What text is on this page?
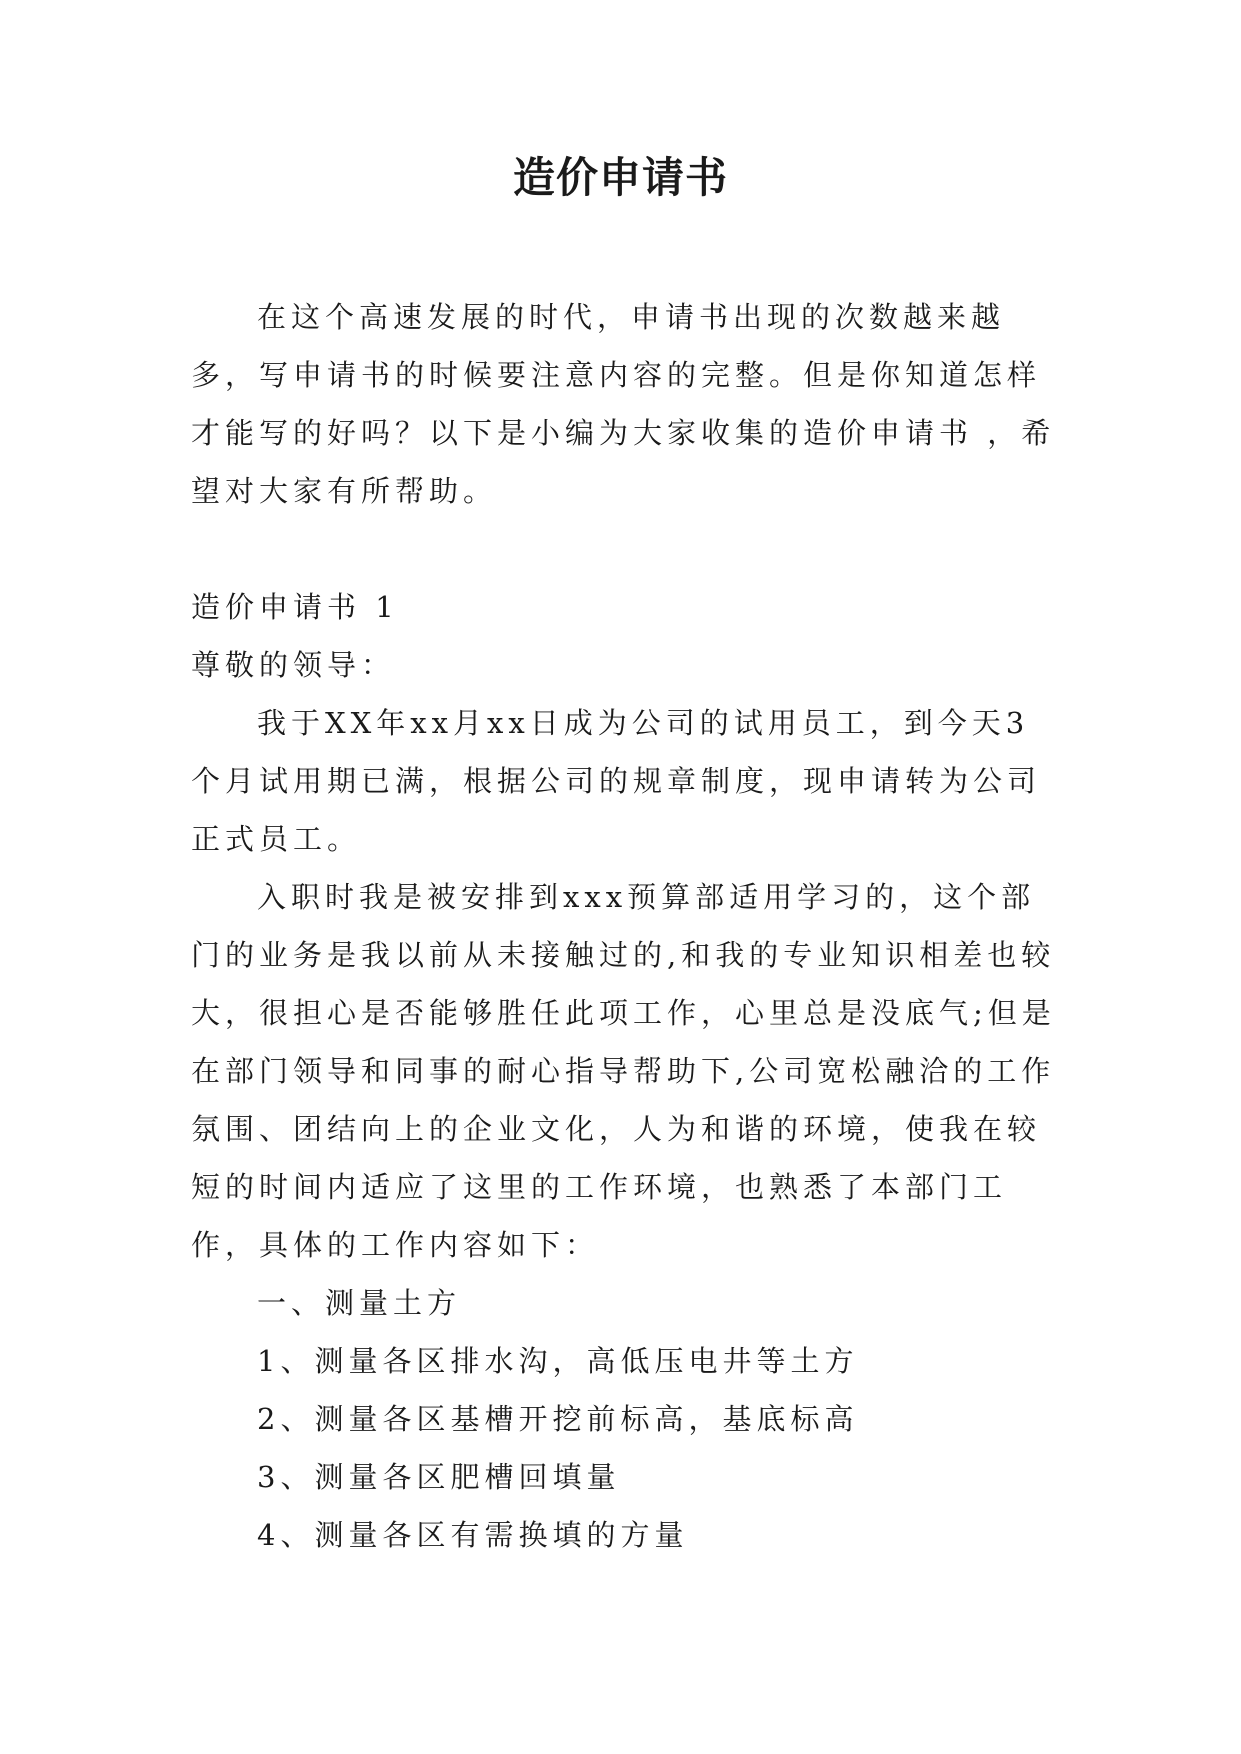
造价申请书

在这个高速发展的时代，申请书出现的次数越来越多，写申请书的时候要注意内容的完整。但是你知道怎样才能写的好吗？以下是小编为大家收集的造价申请书 ，希望对大家有所帮助。

造价申请书 1

尊敬的领导：

我于XX年xx月xx日成为公司的试用员工，到今天3个月试用期已满，根据公司的规章制度，现申请转为公司正式员工。

入职时我是被安排到xxx预算部适用学习的，这个部门的业务是我以前从未接触过的,和我的专业知识相差也较大，很担心是否能够胜任此项工作，心里总是没底气;但是在部门领导和同事的耐心指导帮助下,公司宽松融洽的工作氛围、团结向上的企业文化，人为和谐的环境，使我在较短的时间内适应了这里的工作环境，也熟悉了本部门工作，具体的工作内容如下：

一、测量土方

1、测量各区排水沟，高低压电井等土方

2、测量各区基槽开挖前标高，基底标高

3、测量各区肥槽回填量

4、测量各区有需换填的方量
